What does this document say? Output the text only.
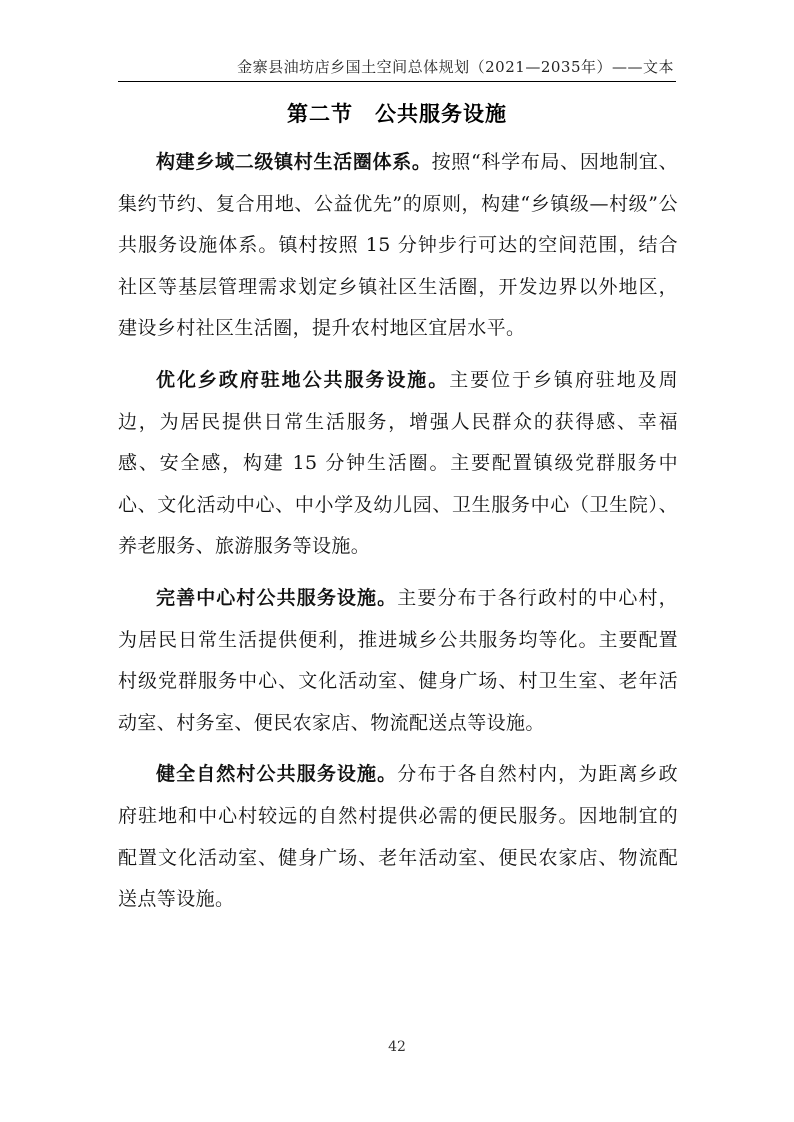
金寨县油坊店乡国土空间总体规划（2021—2035年）——文本
第二节　公共服务设施

构建乡域二级镇村生活圈体系。按照“科学布局、因地制宜、集约节约、复合用地、公益优先”的原则，构建“乡镇级—村级”公共服务设施体系。镇村按照 15 分钟步行可达的空间范围，结合社区等基层管理需求划定乡镇社区生活圈，开发边界以外地区，建设乡村社区生活圈，提升农村地区宜居水平。

优化乡政府驻地公共服务设施。主要位于乡镇府驻地及周边，为居民提供日常生活服务，增强人民群众的获得感、幸福感、安全感，构建 15 分钟生活圈。主要配置镇级党群服务中心、文化活动中心、中小学及幼儿园、卫生服务中心（卫生院）、养老服务、旅游服务等设施。

完善中心村公共服务设施。主要分布于各行政村的中心村，为居民日常生活提供便利，推进城乡公共服务均等化。主要配置村级党群服务中心、文化活动室、健身广场、村卫生室、老年活动室、村务室、便民农家店、物流配送点等设施。

健全自然村公共服务设施。分布于各自然村内，为距离乡政府驻地和中心村较远的自然村提供必需的便民服务。因地制宜的配置文化活动室、健身广场、老年活动室、便民农家店、物流配送点等设施。

42
